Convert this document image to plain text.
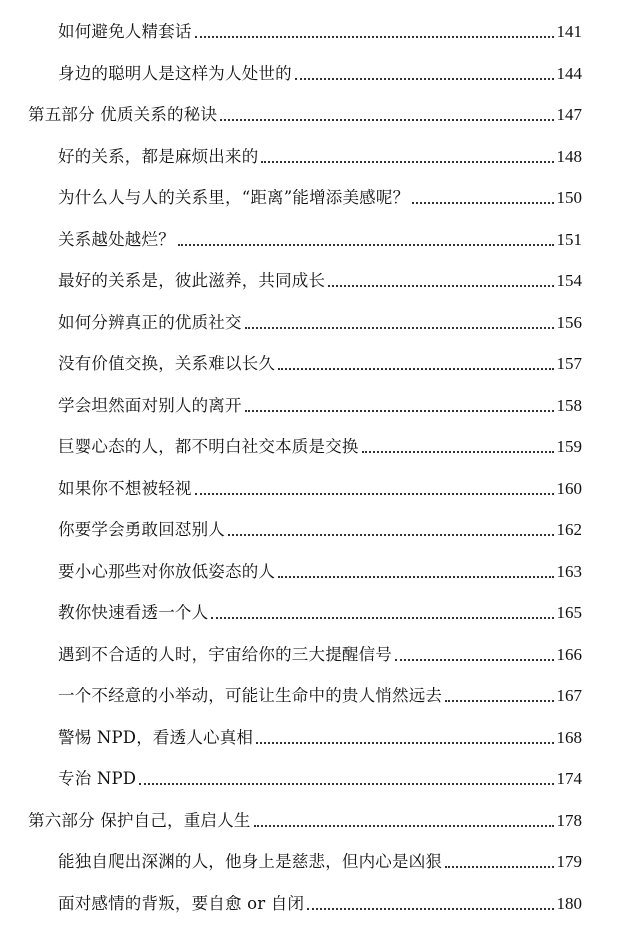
如何避免人精套话	141
身边的聪明人是这样为人处世的	144
第五部分 优质关系的秘诀	147
好的关系，都是麻烦出来的	148
为什么人与人的关系里，“距离”能增添美感呢？	150
关系越处越烂？	151
最好的关系是，彼此滋养，共同成长	154
如何分辨真正的优质社交	156
没有价值交换，关系难以长久	157
学会坦然面对别人的离开	158
巨婴心态的人，都不明白社交本质是交换	159
如果你不想被轻视	160
你要学会勇敢回怼别人	162
要小心那些对你放低姿态的人	163
教你快速看透一个人	165
遇到不合适的人时，宇宙给你的三大提醒信号	166
一个不经意的小举动，可能让生命中的贵人悄然远去	167
警惕 NPD，看透人心真相	168
专治 NPD	174
第六部分 保护自己，重启人生	178
能独自爬出深渊的人，他身上是慈悲，但内心是凶狠	179
面对感情的背叛，要自愈 or 自闭	180
